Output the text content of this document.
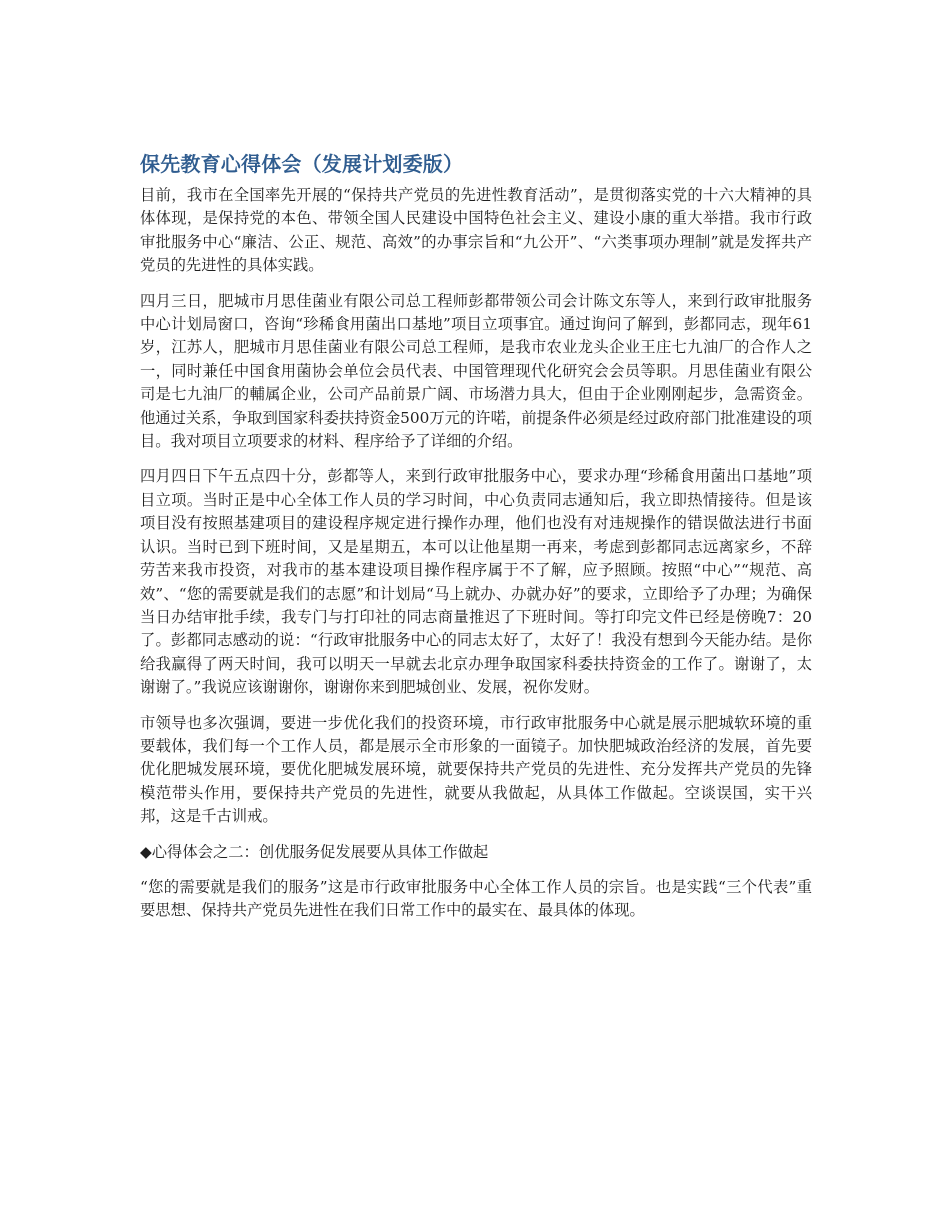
保先教育心得体会（发展计划委版）

目前，我市在全国率先开展的“保持共产党员的先进性教育活动”，是贯彻落实党的十六大精神的具体体现，是保持党的本色、带领全国人民建设中国特色社会主义、建设小康的重大举措。我市行政审批服务中心“廉洁、公正、规范、高效”的办事宗旨和“九公开”、“六类事项办理制”就是发挥共产党员的先进性的具体实践。

四月三日，肥城市月思佳菌业有限公司总工程师彭都带领公司会计陈文东等人，来到行政审批服务中心计划局窗口，咨询“珍稀食用菌出口基地”项目立项事宜。通过询问了解到，彭都同志，现年61岁，江苏人，肥城市月思佳菌业有限公司总工程师，是我市农业龙头企业王庄七九油厂的合作人之一，同时兼任中国食用菌协会单位会员代表、中国管理现代化研究会会员等职。月思佳菌业有限公司是七九油厂的輔属企业，公司产品前景广阔、市场潜力具大，但由于企业刚刚起步，急需资金。他通过关系，争取到国家科委扶持资金500万元的许喏，前提条件必须是经过政府部门批准建设的项目。我对项目立项要求的材料、程序给予了详细的介绍。

四月四日下午五点四十分，彭都等人，来到行政审批服务中心，要求办理“珍稀食用菌出口基地”项目立项。当时正是中心全体工作人员的学习时间，中心负责同志通知后，我立即热情接待。但是该项目没有按照基建项目的建设程序规定进行操作办理，他们也没有对违规操作的错误做法进行书面认识。当时已到下班时间，又是星期五，本可以让他星期一再来，考虑到彭都同志远离家乡，不辞劳苦来我市投资，对我市的基本建设项目操作程序属于不了解，应予照顾。按照“中心”“规范、高效”、“您的需要就是我们的志愿”和计划局“马上就办、办就办好”的要求，立即给予了办理；为确保当日办结审批手续，我专门与打印社的同志商量推迟了下班时间。等打印完文件已经是傍晚7：20了。彭都同志感动的说：“行政审批服务中心的同志太好了，太好了！我没有想到今天能办结。是你给我赢得了两天时间，我可以明天一早就去北京办理争取国家科委扶持资金的工作了。谢谢了，太谢谢了。”我说应该谢谢你，谢谢你来到肥城创业、发展，祝你发财。

市领导也多次强调，要进一步优化我们的投资环境，市行政审批服务中心就是展示肥城软环境的重要载体，我们每一个工作人员，都是展示全市形象的一面镜子。加快肥城政治经济的发展，首先要优化肥城发展环境，要优化肥城发展环境，就要保持共产党员的先进性、充分发挥共产党员的先锋模范带头作用，要保持共产党员的先进性，就要从我做起，从具体工作做起。空谈误国，实干兴邦，这是千古训戒。

◆心得体会之二：创优服务促发展要从具体工作做起

“您的需要就是我们的服务”这是市行政审批服务中心全体工作人员的宗旨。也是实践“三个代表”重要思想、保持共产党员先进性在我们日常工作中的最实在、最具体的体现。
